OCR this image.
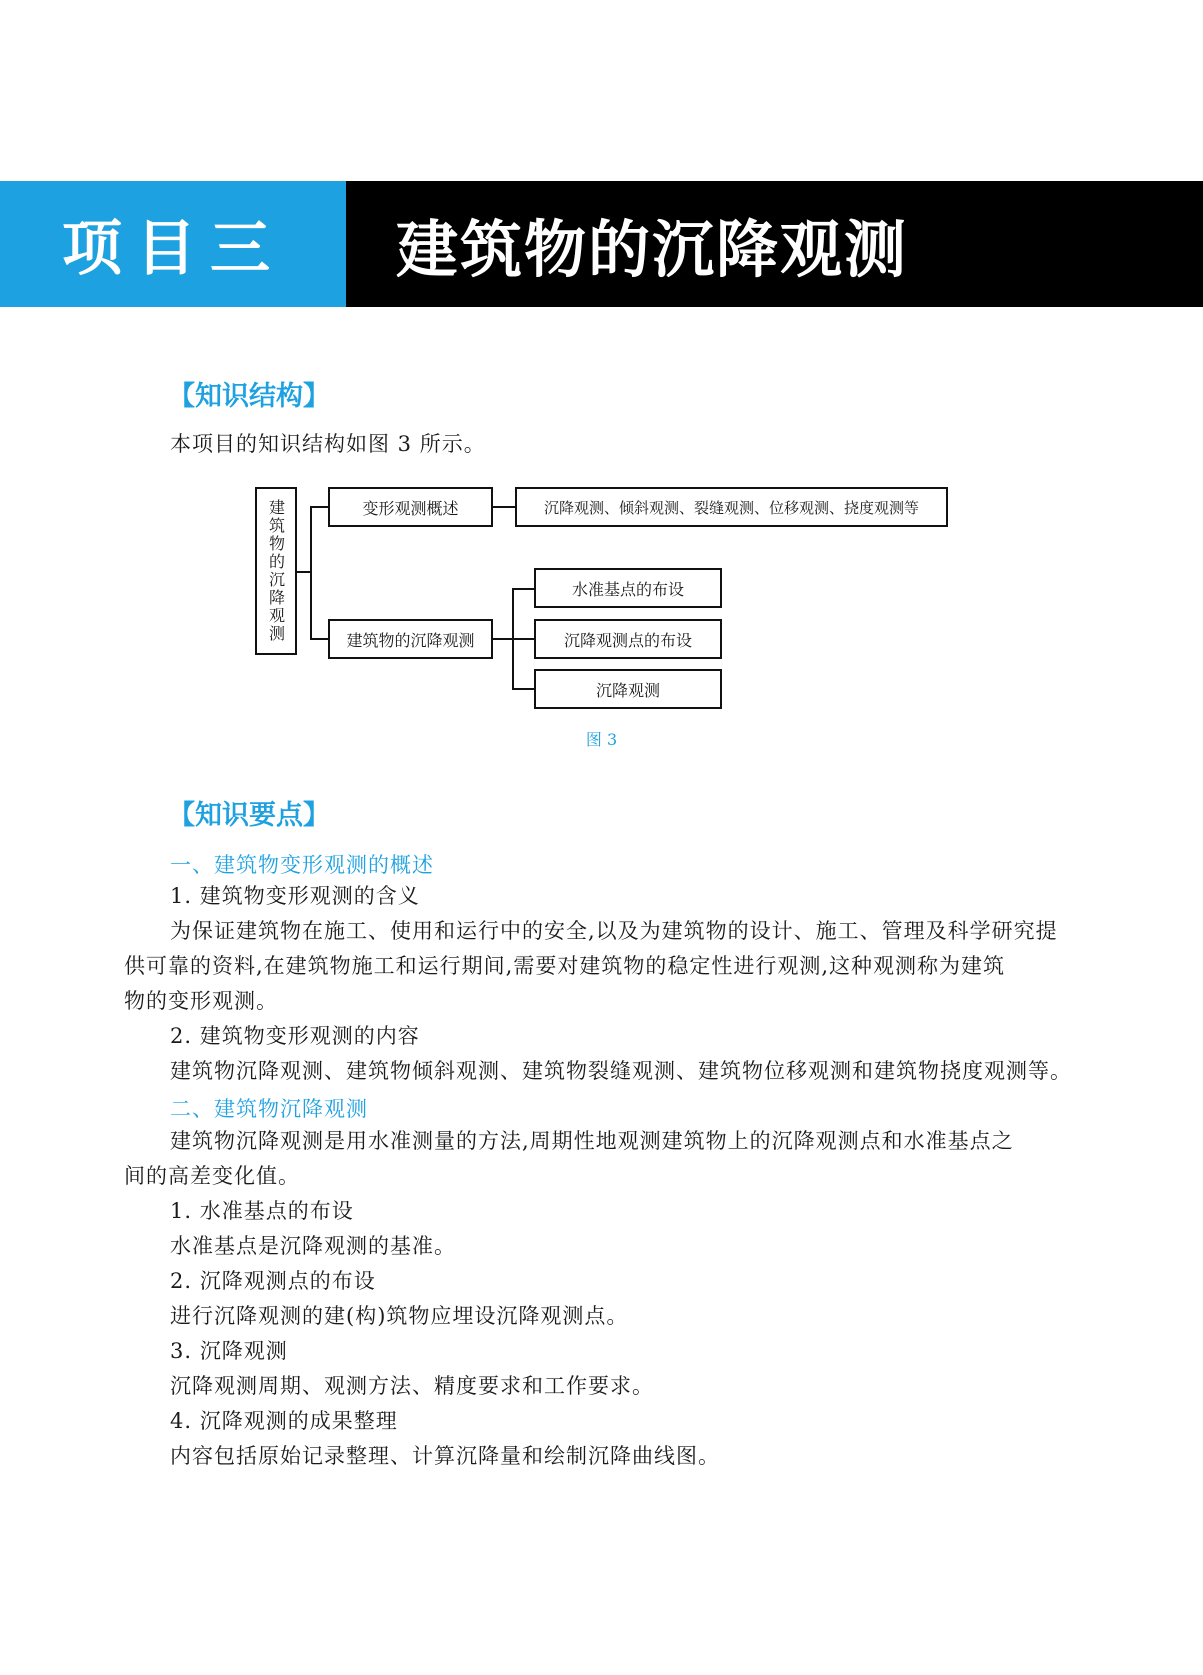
项目三 建筑物的沉降观测
【知识结构】
本项目的知识结构如图 3 所示。
建筑物的沉降观测	变形观测概述	沉降观测、倾斜观测、裂缝观测、位移观测、挠度观测等
建筑物的沉降观测
水准基点的布设
沉降观测点的布设
沉降观测
图 3
【知识要点】
一、建筑物变形观测的概述
1. 建筑物变形观测的含义
为保证建筑物在施工、使用和运行中的安全,以及为建筑物的设计、施工、管理及科学研究提
供可靠的资料,在建筑物施工和运行期间,需要对建筑物的稳定性进行观测,这种观测称为建筑
物的变形观测。
2. 建筑物变形观测的内容
建筑物沉降观测、建筑物倾斜观测、建筑物裂缝观测、建筑物位移观测和建筑物挠度观测等。
二、建筑物沉降观测
建筑物沉降观测是用水准测量的方法,周期性地观测建筑物上的沉降观测点和水准基点之
间的高差变化值。
1. 水准基点的布设
水准基点是沉降观测的基准。
2. 沉降观测点的布设
进行沉降观测的建(构)筑物应埋设沉降观测点。
3. 沉降观测
沉降观测周期、观测方法、精度要求和工作要求。
4. 沉降观测的成果整理
内容包括原始记录整理、计算沉降量和绘制沉降曲线图。
